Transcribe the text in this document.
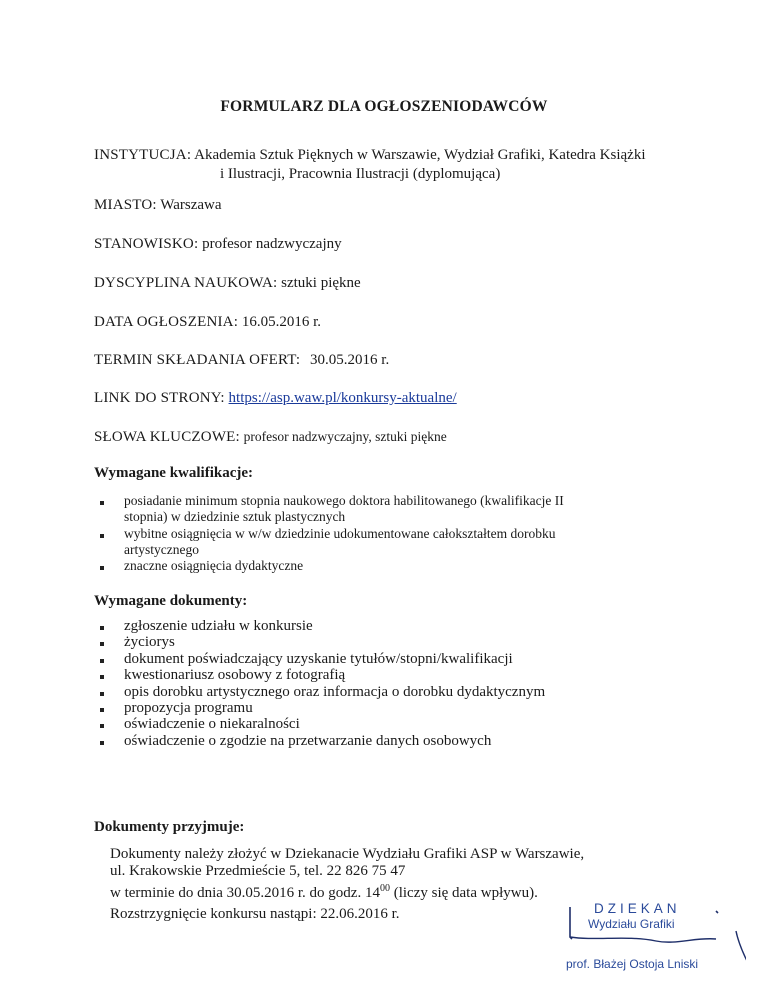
FORMULARZ DLA OGŁOSZENIODAWCÓW
INSTYTUCJA: Akademia Sztuk Pięknych w Warszawie, Wydział Grafiki, Katedra Książki
i Ilustracji, Pracownia Ilustracji (dyplomująca)
MIASTO: Warszawa
STANOWISKO: profesor nadzwyczajny
DYSCYPLINA NAUKOWA: sztuki piękne
DATA OGŁOSZENIA: 16.05.2016 r.
TERMIN SKŁADANIA OFERT: 30.05.2016 r.
LINK DO STRONY: https://asp.waw.pl/konkursy-aktualne/
SŁOWA KLUCZOWE: profesor nadzwyczajny, sztuki piękne
Wymagane kwalifikacje:
posiadanie minimum stopnia naukowego doktora habilitowanego (kwalifikacje II
stopnia) w dziedzinie sztuk plastycznych
wybitne osiągnięcia w w/w dziedzinie udokumentowane całokształtem dorobku
artystycznego
znaczne osiągnięcia dydaktyczne
Wymagane dokumenty:
zgłoszenie udziału w konkursie
życiorys
dokument poświadczający uzyskanie tytułów/stopni/kwalifikacji
kwestionariusz osobowy z fotografią
opis dorobku artystycznego oraz informacja o dorobku dydaktycznym
propozycja programu
oświadczenie o niekaralności
oświadczenie o zgodzie na przetwarzanie danych osobowych
Dokumenty przyjmuje:
Dokumenty należy złożyć w Dziekanacie Wydziału Grafiki ASP w Warszawie,
ul. Krakowskie Przedmieście 5, tel. 22 826 75 47
w terminie do dnia 30.05.2016 r. do godz. $14^{00}$ (liczy się data wpływu).
Rozstrzygnięcie konkursu nastąpi: 22.06.2016 r.	DZIEKAN
Wydziału Grafiki
prof. Błażej Ostoja Lniski
